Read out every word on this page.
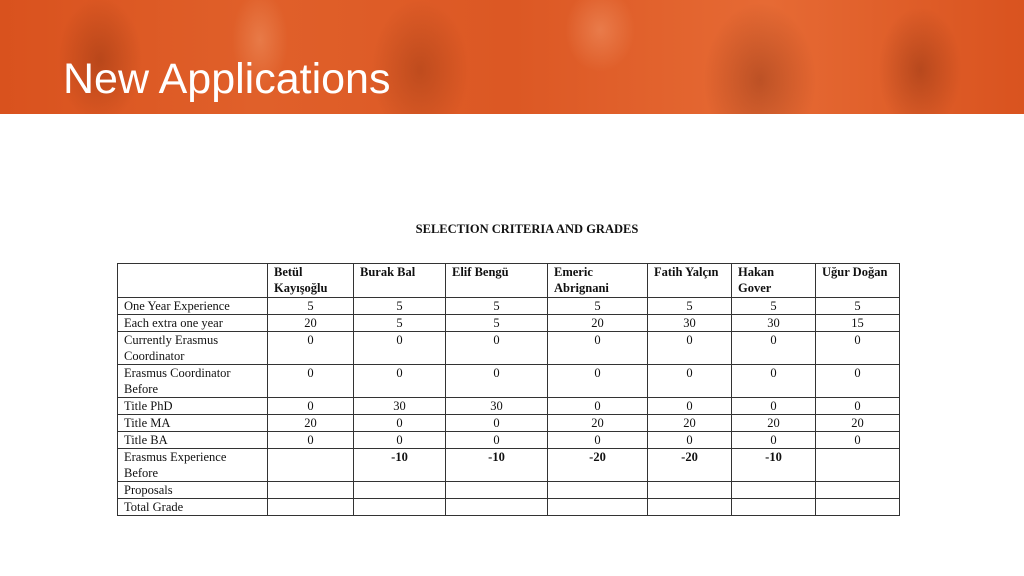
New Applications
SELECTION CRITERIA AND GRADES
	Betül Kayışoğlu	Burak Bal	Elif Bengü	Emeric Abrignani	Fatih Yalçın	Hakan Gover	Uğur Doğan
One Year Experience	5	5	5	5	5	5	5
Each extra one year	20	5	5	20	30	30	15
Currently Erasmus Coordinator	0	0	0	0	0	0	0
Erasmus Coordinator Before	0	0	0	0	0	0	0
Title PhD	0	30	30	0	0	0	0
Title MA	20	0	0	20	20	20	20
Title BA	0	0	0	0	0	0	0
Erasmus Experience Before		-10	-10	-20	-20	-10	
Proposals							
Total Grade							
